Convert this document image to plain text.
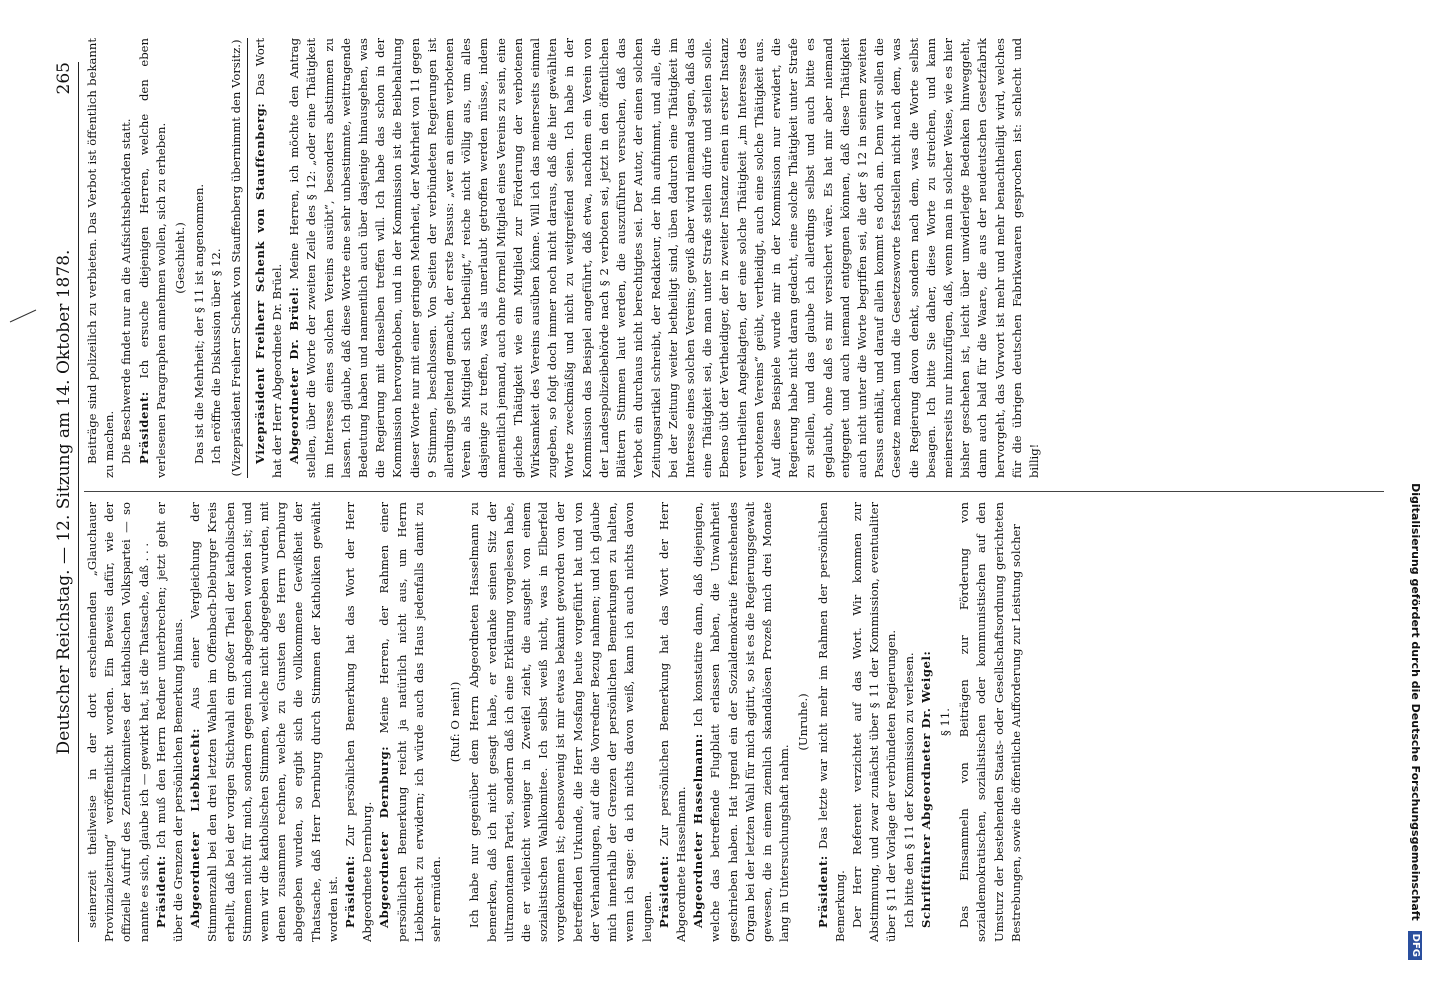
Deutscher Reichstag. — 12. Sitzung am 14. Oktober 1878.
265

seinerzeit theilweise in der dort erscheinenden „Glauchauer Provinzialzeitung“ veröffentlicht worden. Ein Beweis dafür, wie der offizielle Aufruf des Zentralkomitees der katholischen Volkspartei — so nannte es sich, glaube ich — gewirkt hat, ist die Thatsache, daß . . . Präsident: Ich muß den Herrn Redner unterbrechen; jetzt geht er über die Grenzen der persönlichen Bemerkung hinaus. Abgeordneter Liebknecht: Aus einer Vergleichung der Stimmenzahl bei den drei letzten Wahlen im Offenbach-Dieburger Kreis erhellt, daß bei der vorigen Stichwahl ein großer Theil der katholischen Stimmen nicht für mich, sondern gegen mich abgegeben worden ist; und wenn wir die katholischen Stimmen, welche nicht abgegeben wurden, mit denen zusammen rechnen, welche zu Gunsten des Herrn Dernburg abgegeben wurden, so ergibt sich die vollkommene Gewißheit der Thatsache, daß Herr Dernburg durch Stimmen der Katholiken gewählt worden ist. Präsident: Zur persönlichen Bemerkung hat das Wort der Herr Abgeordnete Dernburg. Abgeordneter Dernburg: Meine Herren, der Rahmen einer persönlichen Bemerkung reicht ja natürlich nicht aus, um Herrn Liebknecht zu erwidern; ich würde auch das Haus jedenfalls damit zu sehr ermüden.

(Ruf: O nein!) Ich habe nur gegenüber dem Herrn Abgeordneten Hasselmann zu bemerken, daß ich nicht gesagt habe, er verdanke seinen Sitz der ultramontanen Partei, sondern daß ich eine Erklärung vorgelesen habe, die er vielleicht weniger in Zweifel zieht, die ausgeht von einem sozialistischen Wahlkomitee. Ich selbst weiß nicht, was in Elberfeld vorgekommen ist; ebensowenig ist mir etwas bekannt geworden von der betreffenden Urkunde, die Herr Mosfang heute vorgeführt hat und von der Verhandlungen, auf die die Vorredner Bezug nahmen; und ich glaube mich innerhalb der Grenzen der persönlichen Bemerkungen zu halten, wenn ich sage: da ich nichts davon weiß, kann ich auch nichts davon leugnen. Präsident: Zur persönlichen Bemerkung hat das Wort der Herr Abgeordnete Hasselmann. Abgeordneter Hasselmann: Ich konstatire dann, daß diejenigen, welche das betreffende Flugblatt erlassen haben, die Unwahrheit geschrieben haben. Hat irgend ein der Sozialdemokratie fernstehendes Organ bei der letzten Wahl für mich agitirt, so ist es die Regierungsgewalt gewesen, die in einem ziemlich skandalösen Prozeß mich drei Monate lang in Untersuchungshaft nahm.

(Unruhe.)

Präsident: Das letzte war nicht mehr im Rahmen der persönlichen Bemerkung. Der Herr Referent verzichtet auf das Wort. Wir kommen zur Abstimmung, und zwar zunächst über § 11 der Kommission, eventualiter über § 11 der Vorlage der verbündeten Regierungen. Ich bitte den § 11 der Kommission zu verlesen. Schriftführer Abgeordneter Dr. Weigel: § 11. Das Einsammeln von Beiträgen zur Förderung von sozialdemokratischen, sozialistischen oder kommunistischen auf den Umsturz der bestehenden Staats- oder Gesellschaftsordnung gerichteten Bestrebungen, sowie die öffentliche Aufforderung zur Leistung solcher

Beiträge sind polizeilich zu verbieten. Das Verbot ist öffentlich bekannt zu machen. Die Beschwerde findet nur an die Aufsichtsbehörden statt. Präsident: Ich ersuche diejenigen Herren, welche den eben verlesenen Paragraphen annehmen wollen, sich zu erheben. (Geschieht.) Das ist die Mehrheit; der § 11 ist angenommen. Ich eröffne die Diskussion über § 12. (Vizepräsident Freiherr Schenk von Stauffenberg übernimmt den Vorsitz.) Vizepräsident Freiherr Schenk von Stauffenberg: Das Wort hat der Herr Abgeordnete Dr. Brüel. Abgeordneter Dr. Brüel: Meine Herren, ich möchte den Antrag stellen, über die Worte der zweiten Zeile des § 12: „oder eine Thätigkeit im Interesse eines solchen Vereins ausübt“, besonders abstimmen zu lassen. Ich glaube, daß diese Worte eine sehr unbestimmte, weittragende Bedeutung haben und namentlich auch über dasjenige hinausgehen, was die Regierung mit denselben treffen will. Ich habe das schon in der Kommission hervorgehoben, und in der Kommission ist die Beibehaltung dieser Worte nur mit einer geringen Mehrheit, der Mehrheit von 11 gegen 9 Stimmen, beschlossen. Von Seiten der verbündeten Regierungen ist allerdings geltend gemacht, der erste Passus: „wer an einem verbotenen Verein als Mitglied sich betheiligt,“ reiche nicht völlig aus, um alles dasjenige zu treffen, was als unerlaubt getroffen werden müsse, indem namentlich jemand, auch ohne formell Mitglied eines Vereins zu sein, eine gleiche Thätigkeit wie ein Mitglied zur Förderung der verbotenen Wirksamkeit des Vereins ausüben könne. Will ich das meinerseits einmal zugeben, so folgt doch immer noch nicht daraus, daß die hier gewählten Worte zweckmäßig und nicht zu weitgreifend seien. Ich habe in der Kommission das Beispiel angeführt, daß etwa, nachdem ein Verein von der Landespolizeibehörde nach § 2 verboten sei, jetzt in den öffentlichen Blättern Stimmen laut werden, die auszuführen versuchen, daß das Verbot ein durchaus nicht berechtigtes sei. Der Autor, der einen solchen Zeitungsartikel schreibt, der Redakteur, der ihn aufnimmt, und alle, die bei der Zeitung weiter betheiligt sind, üben dadurch eine Thätigkeit im Interesse eines solchen Vereins; gewiß aber wird niemand sagen, daß das eine Thätigkeit sei, die man unter Strafe stellen dürfe und stellen solle. Ebenso übt der Vertheidiger, der in zweiter Instanz einen in erster Instanz verurtheilten Angeklagten, der eine solche Thätigkeit „im Interesse des verbotenen Vereins“ geübt, vertheidigt, auch eine solche Thätigkeit aus. Auf diese Beispiele wurde mir in der Kommission nur erwidert, die Regierung habe nicht daran gedacht, eine solche Thätigkeit unter Strafe zu stellen, und das glaube ich allerdings selbst und auch bitte es geglaubt, ohne daß es mir versichert wäre. Es hat mir aber niemand entgegnet und auch niemand entgegnen können, daß diese Thätigkeit auch nicht unter die Worte begriffen sei, die der § 12 in seinem zweiten Passus enthält, und darauf allein kommt es doch an. Denn wir sollen die Gesetze machen und die Gesetzesworte feststellen nicht nach dem, was die Regierung davon denkt, sondern nach dem, was die Worte selbst besagen. Ich bitte Sie daher, diese Worte zu streichen, und kann meinerseits nur hinzufügen, daß, wenn man in solcher Weise, wie es hier bisher geschehen ist, leicht über unwiderlegte Bedenken hinweggeht, dann auch bald für die Waare, die aus der neudeutschen Gesetzfabrik hervorgeht, das Vorwort ist mehr und mehr benachtheiligt wird, welches für die übrigen deutschen Fabrikwaaren gesprochen ist: schlecht und billig!

Digitalisierung gefördert durch die Deutsche Forschungsgemeinschaft DFG
